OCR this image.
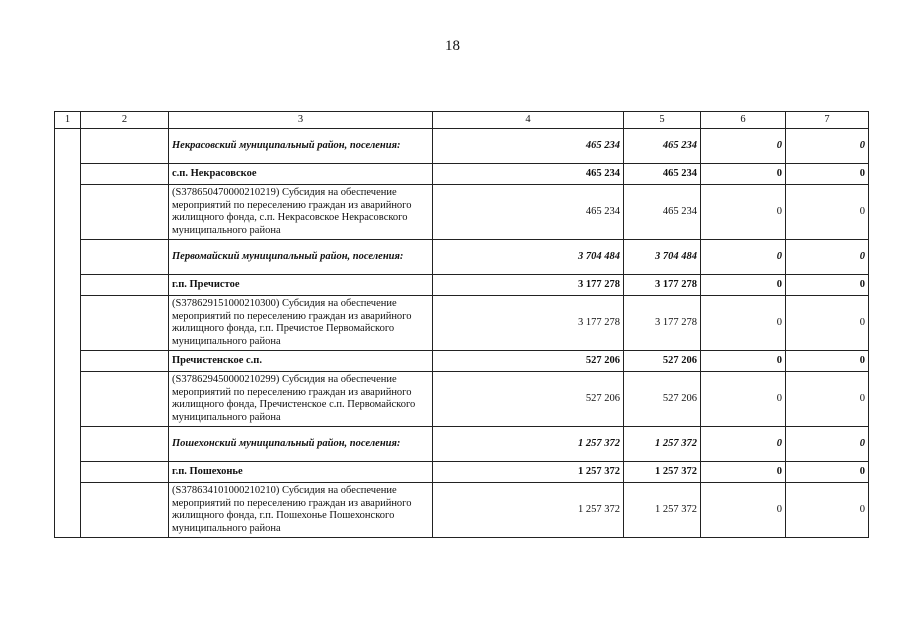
18
1	2	3	4	5	6	7
		Некрасовский муниципальный район, поселения:	465 234	465 234	0	0
		с.п. Некрасовское	465 234	465 234	0	0
		(S378650470000210219) Субсидия на обеспечение мероприятий по переселению граждан из аварийного жилищного фонда, с.п. Некрасовское Некрасовского муниципального района	465 234	465 234	0	0
		Первомайский муниципальный район, поселения:	3 704 484	3 704 484	0	0
		г.п. Пречистое	3 177 278	3 177 278	0	0
		(S378629151000210300) Субсидия на обеспечение мероприятий по переселению граждан из аварийного жилищного фонда, г.п. Пречистое Первомайского муниципального района	3 177 278	3 177 278	0	0
		Пречистенское с.п.	527 206	527 206	0	0
		(S378629450000210299) Субсидия на обеспечение мероприятий по переселению граждан из аварийного жилищного фонда, Пречистенское с.п. Первомайского муниципального района	527 206	527 206	0	0
		Пошехонский муниципальный район, поселения:	1 257 372	1 257 372	0	0
		г.п. Пошехонье	1 257 372	1 257 372	0	0
		(S378634101000210210) Субсидия на обеспечение мероприятий по переселению граждан из аварийного жилищного фонда, г.п. Пошехонье Пошехонского муниципального района	1 257 372	1 257 372	0	0
